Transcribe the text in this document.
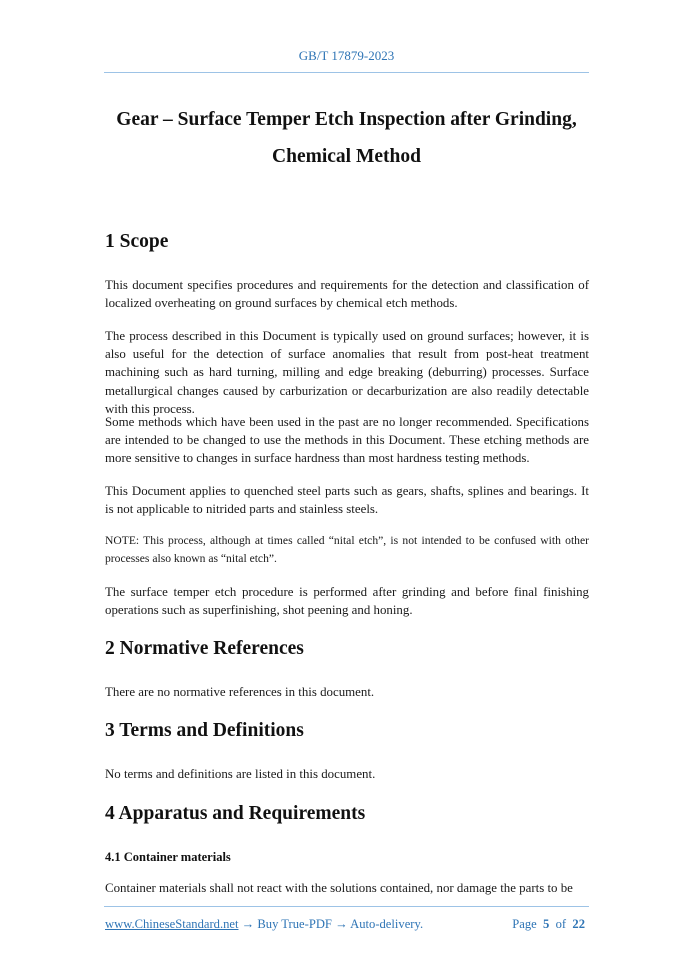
GB/T 17879-2023
Gear – Surface Temper Etch Inspection after Grinding,
Chemical Method
1 Scope
This document specifies procedures and requirements for the detection and classification of localized overheating on ground surfaces by chemical etch methods.
The process described in this Document is typically used on ground surfaces; however, it is also useful for the detection of surface anomalies that result from post-heat treatment machining such as hard turning, milling and edge breaking (deburring) processes. Surface metallurgical changes caused by carburization or decarburization are also readily detectable with this process.
Some methods which have been used in the past are no longer recommended. Specifications are intended to be changed to use the methods in this Document. These etching methods are more sensitive to changes in surface hardness than most hardness testing methods.
This Document applies to quenched steel parts such as gears, shafts, splines and bearings. It is not applicable to nitrided parts and stainless steels.
NOTE: This process, although at times called “nital etch”, is not intended to be confused with other processes also known as “nital etch”.
The surface temper etch procedure is performed after grinding and before final finishing operations such as superfinishing, shot peening and honing.
2 Normative References
There are no normative references in this document.
3 Terms and Definitions
No terms and definitions are listed in this document.
4 Apparatus and Requirements
4.1 Container materials
Container materials shall not react with the solutions contained, nor damage the parts to be
www.ChineseStandard.net → Buy True-PDF → Auto-delivery.	Page 5 of 22
